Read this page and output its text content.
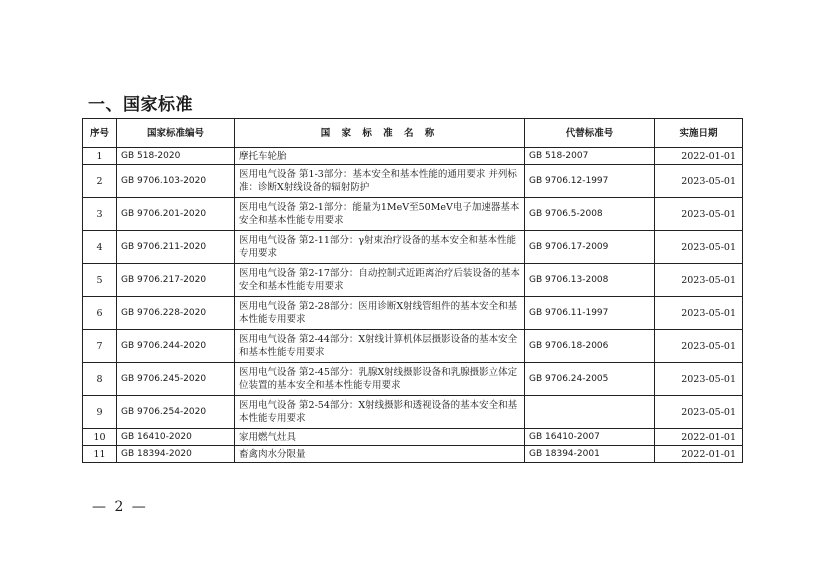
一、国家标准
序号	国家标准编号	国 家 标 准 名 称	代替标准号	实施日期
1	GB 518-2020	摩托车轮胎	GB 518-2007	2022-01-01
2	GB 9706.103-2020	医用电气设备 第1-3部分：基本安全和基本性能的通用要求 并列标准：诊断X射线设备的辐射防护	GB 9706.12-1997	2023-05-01
3	GB 9706.201-2020	医用电气设备 第2-1部分：能量为1MeV至50MeV电子加速器基本安全和基本性能专用要求	GB 9706.5-2008	2023-05-01
4	GB 9706.211-2020	医用电气设备 第2-11部分：γ射束治疗设备的基本安全和基本性能专用要求	GB 9706.17-2009	2023-05-01
5	GB 9706.217-2020	医用电气设备 第2-17部分：自动控制式近距离治疗后装设备的基本安全和基本性能专用要求	GB 9706.13-2008	2023-05-01
6	GB 9706.228-2020	医用电气设备 第2-28部分：医用诊断X射线管组件的基本安全和基本性能专用要求	GB 9706.11-1997	2023-05-01
7	GB 9706.244-2020	医用电气设备 第2-44部分：X射线计算机体层摄影设备的基本安全和基本性能专用要求	GB 9706.18-2006	2023-05-01
8	GB 9706.245-2020	医用电气设备 第2-45部分：乳腺X射线摄影设备和乳腺摄影立体定位装置的基本安全和基本性能专用要求	GB 9706.24-2005	2023-05-01
9	GB 9706.254-2020	医用电气设备 第2-54部分：X射线摄影和透视设备的基本安全和基本性能专用要求		2023-05-01
10	GB 16410-2020	家用燃气灶具	GB 16410-2007	2022-01-01
11	GB 18394-2020	畜禽肉水分限量	GB 18394-2001	2022-01-01
— 2 —
